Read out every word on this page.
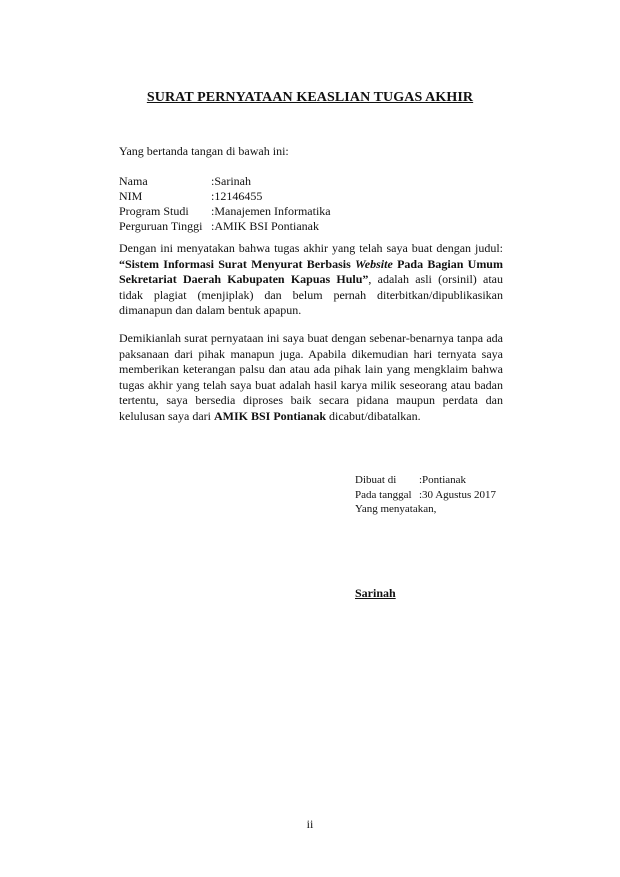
SURAT PERNYATAAN KEASLIAN TUGAS AKHIR
Yang bertanda tangan di bawah ini:
Nama	:Sarinah
NIM	:12146455
Program Studi	:Manajemen Informatika
Perguruan Tinggi	:AMIK BSI Pontianak

Dengan ini menyatakan bahwa tugas akhir yang telah saya buat dengan judul: “Sistem Informasi Surat Menyurat Berbasis Website Pada Bagian Umum Sekretariat Daerah Kabupaten Kapuas Hulu”, adalah asli (orsinil) atau tidak plagiat (menjiplak) dan belum pernah diterbitkan/dipublikasikan dimanapun dan dalam bentuk apapun.

Demikianlah surat pernyataan ini saya buat dengan sebenar-benarnya tanpa ada paksanaan dari pihak manapun juga. Apabila dikemudian hari ternyata saya memberikan keterangan palsu dan atau ada pihak lain yang mengklaim bahwa tugas akhir yang telah saya buat adalah hasil karya milik seseorang atau badan tertentu, saya bersedia diproses baik secara pidana maupun perdata dan kelulusan saya dari AMIK BSI Pontianak dicabut/dibatalkan.

Dibuat di	:Pontianak
Pada tanggal	:30 Agustus 2017
Yang menyatakan,	
Sarinah
ii
